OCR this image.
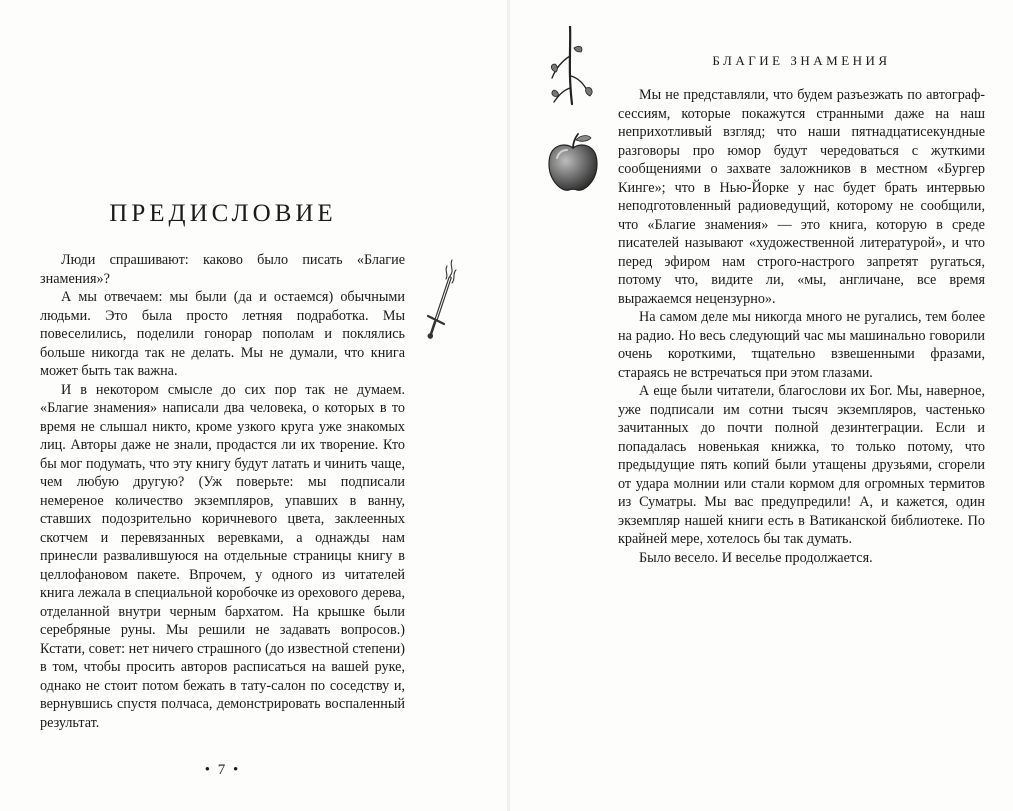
ПРЕДИСЛОВИЕ

Люди спрашивают: каково было писать «Благие знамения»?

А мы отвечаем: мы были (да и остаемся) обычными людьми. Это была просто летняя подработка. Мы повеселились, поделили гонорар пополам и поклялись больше никогда так не делать. Мы не думали, что книга может быть так важна.

И в некотором смысле до сих пор так не думаем. «Благие знамения» написали два человека, о которых в то время не слышал никто, кроме узкого круга уже знакомых лиц. Авторы даже не знали, продастся ли их творение. Кто бы мог подумать, что эту книгу будут латать и чинить чаще, чем любую другую? (Уж поверьте: мы подписали немереное количество экземпляров, упавших в ванну, ставших подозрительно коричневого цвета, заклеенных скотчем и перевязанных веревками, а однажды нам принесли развалившуюся на отдельные страницы книгу в целлофановом пакете. Впрочем, у одного из читателей книга лежала в специальной коробочке из орехового дерева, отделанной внутри черным бархатом. На крышке были серебряные руны. Мы решили не задавать вопросов.) Кстати, совет: нет ничего страшного (до известной степени) в том, чтобы просить авторов расписаться на вашей руке, однако не стоит потом бежать в тату-салон по соседству и, вернувшись спустя полчаса, демонстрировать воспаленный результат.

• 7 •
БЛАГИЕ ЗНАМЕНИЯ

Мы не представляли, что будем разъезжать по автограф-сессиям, которые покажутся странными даже на наш неприхотливый взгляд; что наши пятнадцатисекундные разговоры про юмор будут чередоваться с жуткими сообщениями о захвате заложников в местном «Бургер Кинге»; что в Нью-Йорке у нас будет брать интервью неподготовленный радиоведущий, которому не сообщили, что «Благие знамения» — это книга, которую в среде писателей называют «художественной литературой», и что перед эфиром нам строго-настрого запретят ругаться, потому что, видите ли, «мы, англичане, все время выражаемся нецензурно».

На самом деле мы никогда много не ругались, тем более на радио. Но весь следующий час мы машинально говорили очень короткими, тщательно взвешенными фразами, стараясь не встречаться при этом глазами.

А еще были читатели, благослови их Бог. Мы, наверное, уже подписали им сотни тысяч экземпляров, частенько зачитанных до почти полной дезинтеграции. Если и попадалась новенькая книжка, то только потому, что предыдущие пять копий были утащены друзьями, сгорели от удара молнии или стали кормом для огромных термитов из Суматры. Мы вас предупредили! А, и кажется, один экземпляр нашей книги есть в Ватиканской библиотеке. По крайней мере, хотелось бы так думать.

Было весело. И веселье продолжается.
